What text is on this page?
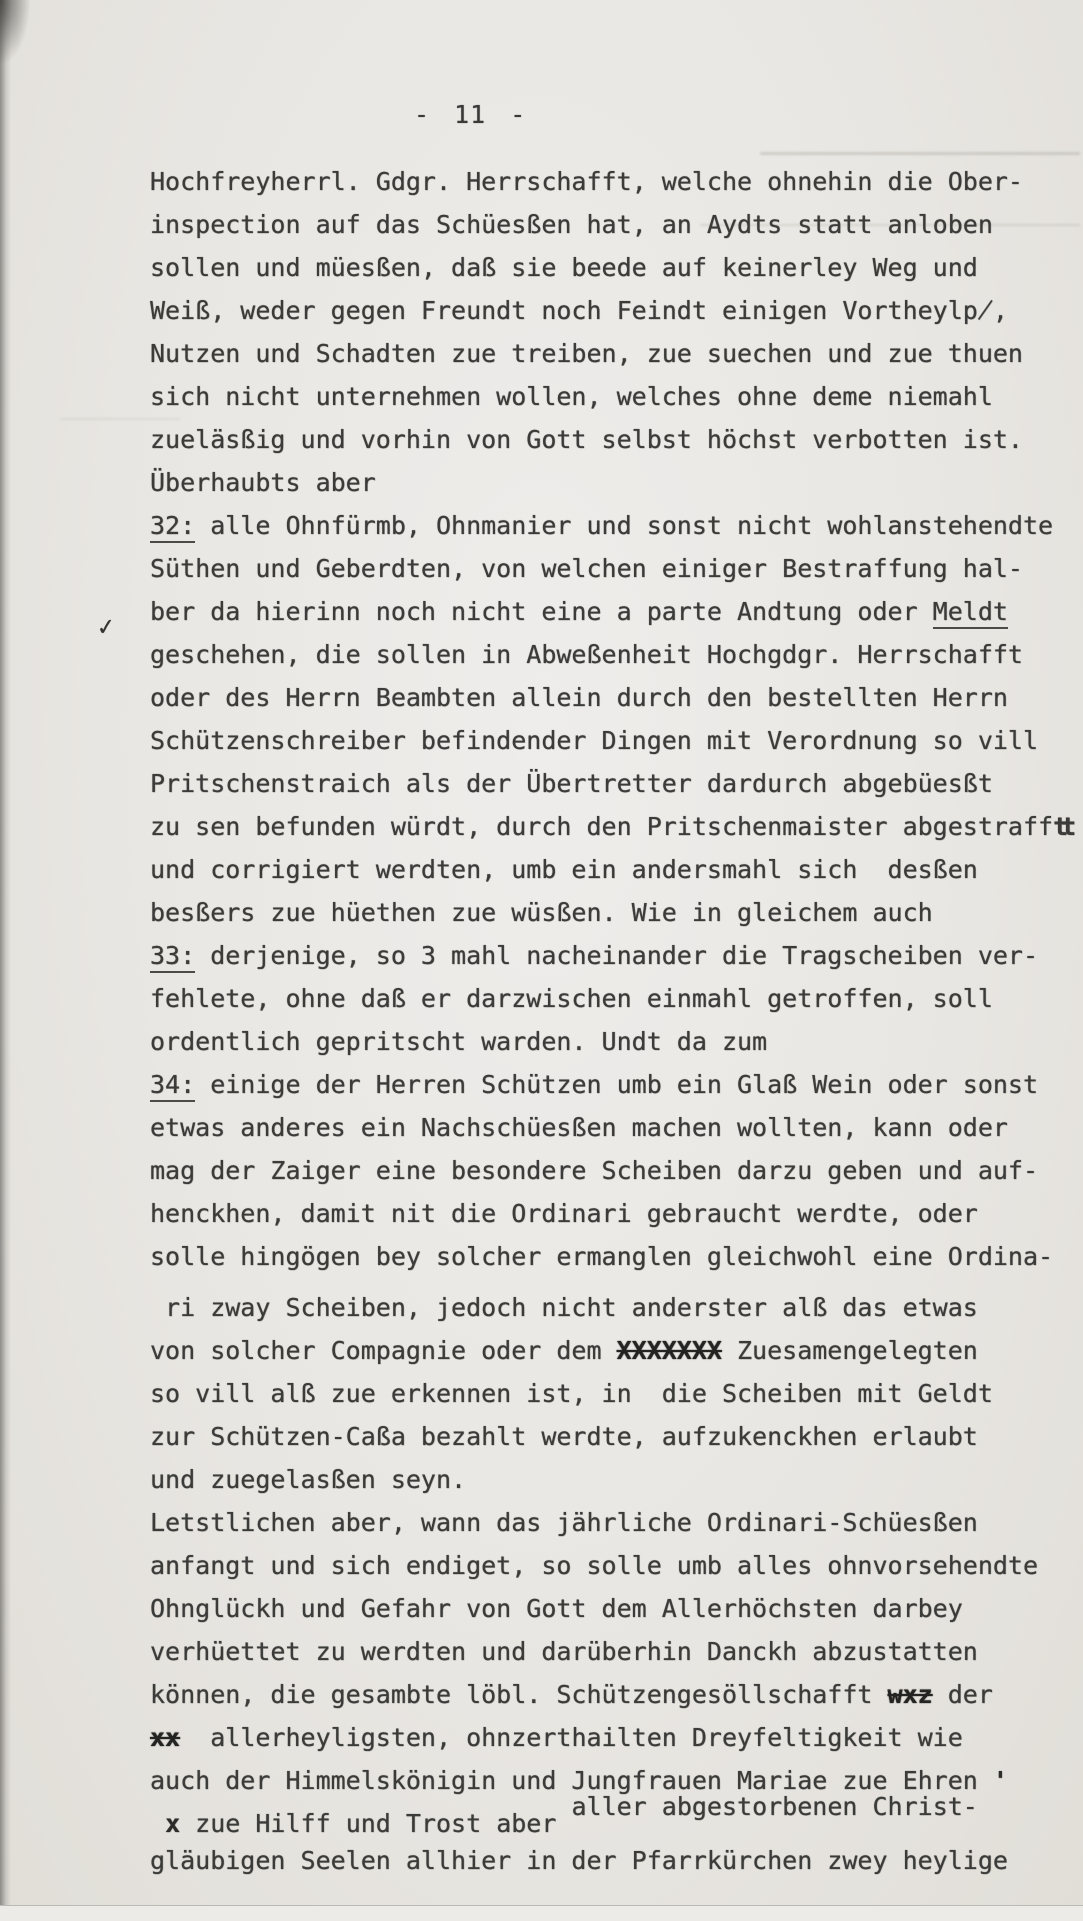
- 11 -
✓
Hochfreyherrl. Gdgr. Herrschafft, welche ohnehin die Ober-
inspection auf das Schüesßen hat, an Aydts statt anloben
sollen und müesßen, daß sie beede auf keinerley Weg und
Weiß, weder gegen Freundt noch Feindt einigen Vortheylp̸,
Nutzen und Schadten zue treiben, zue suechen und zue thuen
sich nicht unternehmen wollen, welches ohne deme niemahl
zueläsßig und vorhin von Gott selbst höchst verbotten ist.
Überhaubts aber
32: alle Ohnfürmb, Ohnmanier und sonst nicht wohlanstehendte
Süthen und Geberdten, von welchen einiger Bestraffung hal-
ber da hierinn noch nicht eine a parte Andtung oder Meldt
geschehen, die sollen in Abweßenheit Hochgdgr. Herrschafft
oder des Herrn Beambten allein durch den bestellten Herrn
Schützenschreiber befindender Dingen mit Verordnung so vill
Pritschenstraich als der Übertretter dardurch abgebüesßt
zu sen befunden würdt, durch den Pritschenmaister abgestrafftt
und corrigiert werdten, umb ein andersmahl sich  desßen
besßers zue hüethen zue wüsßen. Wie in gleichem auch
33: derjenige, so 3 mahl nacheinander die Tragscheiben ver-
fehlete, ohne daß er darzwischen einmahl getroffen, soll
ordentlich gepritscht warden. Undt da zum
34: einige der Herren Schützen umb ein Glaß Wein oder sonst
etwas anderes ein Nachschüesßen machen wollten, kann oder
mag der Zaiger eine besondere Scheiben darzu geben und auf-
henckhen, damit nit die Ordinari gebraucht werdte, oder
solle hingögen bey solcher ermanglen gleichwohl eine Ordina-
ri zway Scheiben, jedoch nicht anderster alß das etwas
von solcher Compagnie oder dem XXXXXXX Zuesamengelegten
so vill alß zue erkennen ist, in  die Scheiben mit Geldt
zur Schützen-Caßa bezahlt werdte, aufzukenckhen erlaubt
und zuegelasßen seyn.
Letstlichen aber, wann das jährliche Ordinari-Schüesßen
anfangt und sich endiget, so solle umb alles ohnvorsehendte
Ohnglückh und Gefahr von Gott dem Allerhöchsten darbey
verhüettet zu werdten und darüberhin Danckh abzustatten
können, die gesambte löbl. Schützengesöllschafft wxz der
xx  allerheyligsten, ohnzerthailten Dreyfeltigkeit wie
auch der Himmelskönigin und Jungfrauen Mariae zue Ehren '
x zue Hilff und Trost aber aller abgestorbenen Christ-
gläubigen Seelen allhier in der Pfarrkürchen zwey heylige
